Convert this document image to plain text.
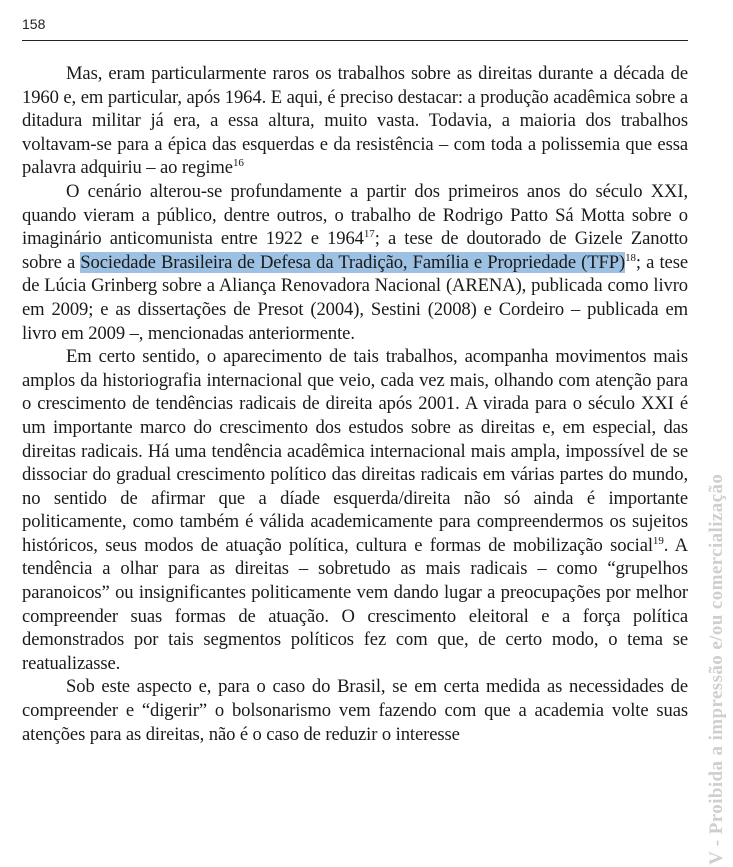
158

Mas, eram particularmente raros os trabalhos sobre as direitas durante a década de 1960 e, em particular, após 1964. E aqui, é preciso destacar: a produção acadêmica sobre a ditadura militar já era, a essa altura, muito vasta. Todavia, a maioria dos trabalhos voltavam-se para a épica das esquerdas e da resistência – com toda a polissemia que essa palavra adquiriu – ao regime$^{16}$

O cenário alterou-se profundamente a partir dos primeiros anos do século XXI, quando vieram a público, dentre outros, o trabalho de Rodrigo Patto Sá Motta sobre o imaginário anticomunista entre 1922 e 1964$^{17}$; a tese de doutorado de Gizele Zanotto sobre a Sociedade Brasileira de Defesa da Tradição, Família e Propriedade (TFP)$^{18}$; a tese de Lúcia Grinberg sobre a Aliança Renovadora Nacional (ARENA), publicada como livro em 2009; e as dissertações de Presot (2004), Sestini (2008) e Cordeiro – publicada em livro em 2009 –, mencionadas anteriormente.

Em certo sentido, o aparecimento de tais trabalhos, acompanha movimentos mais amplos da historiografia internacional que veio, cada vez mais, olhando com atenção para o crescimento de tendências radicais de direita após 2001. A virada para o século XXI é um importante marco do crescimento dos estudos sobre as direitas e, em especial, das direitas radicais. Há uma tendência acadêmica internacional mais ampla, impossível de se dissociar do gradual crescimento político das direitas radicais em várias partes do mundo, no sentido de afirmar que a díade esquerda/direita não só ainda é importante politicamente, como também é válida academicamente para compreendermos os sujeitos históricos, seus modos de atuação política, cultura e formas de mobilização social$^{19}$. A tendência a olhar para as direitas – sobretudo as mais radicais – como “grupelhos paranoicos” ou insignificantes politicamente vem dando lugar a preocupações por melhor compreender suas formas de atuação. O crescimento eleitoral e a força política demonstrados por tais segmentos políticos fez com que, de certo modo, o tema se reatualizasse.

Sob este aspecto e, para o caso do Brasil, se em certa medida as necessidades de compreender e “digerir” o bolsonarismo vem fazendo com que a academia volte suas atenções para as direitas, não é o caso de reduzir o interesse	V - Proibida a impressão e/ou comercialização
